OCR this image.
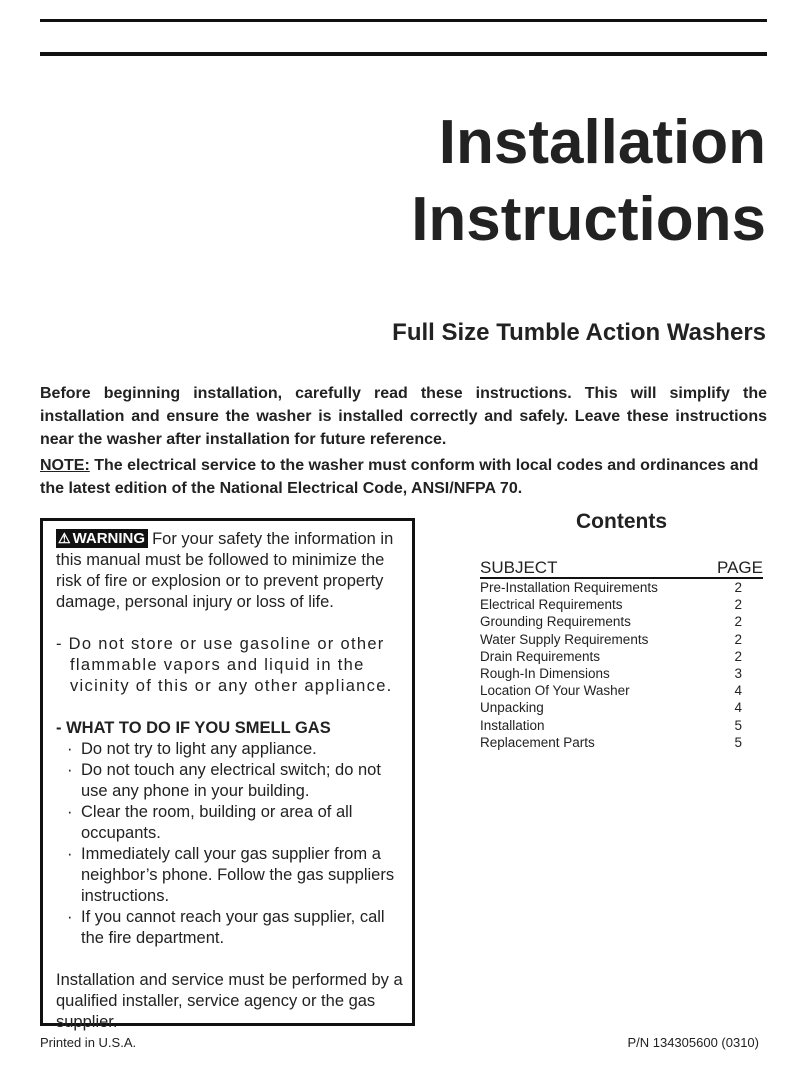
Installation
Instructions
Full Size Tumble Action Washers

Before beginning installation, carefully read these instructions. This will simplify the installation and ensure the washer is installed correctly and safely. Leave these instructions near the washer after installation for future reference.

NOTE: The electrical service to the washer must conform with local codes and ordinances and the latest edition of the National Electrical Code, ANSI/NFPA 70.

⚠ WARNING For your safety the information in this manual must be followed to minimize the risk of fire or explosion or to prevent property damage, personal injury or loss of life.

- Do not store or use gasoline or other flammable vapors and liquid in the vicinity of this or any other appliance.

- WHAT TO DO IF YOU SMELL GAS

· Do not try to light any appliance.
· Do not touch any electrical switch; do not use any phone in your building.
· Clear the room, building or area of all occupants.
· Immediately call your gas supplier from a neighbor’s phone. Follow the gas suppliers instructions.
· If you cannot reach your gas supplier, call the fire department.

Installation and service must be performed by a qualified installer, service agency or the gas supplier.

Contents
SUBJECT	PAGE
Pre-Installation Requirements	2
Electrical Requirements	2
Grounding Requirements	2
Water Supply Requirements	2
Drain Requirements	2
Rough-In Dimensions	3
Location Of Your Washer	4
Unpacking	4
Installation	5
Replacement Parts	5
Printed in U.S.A.	P/N 134305600 (0310)
